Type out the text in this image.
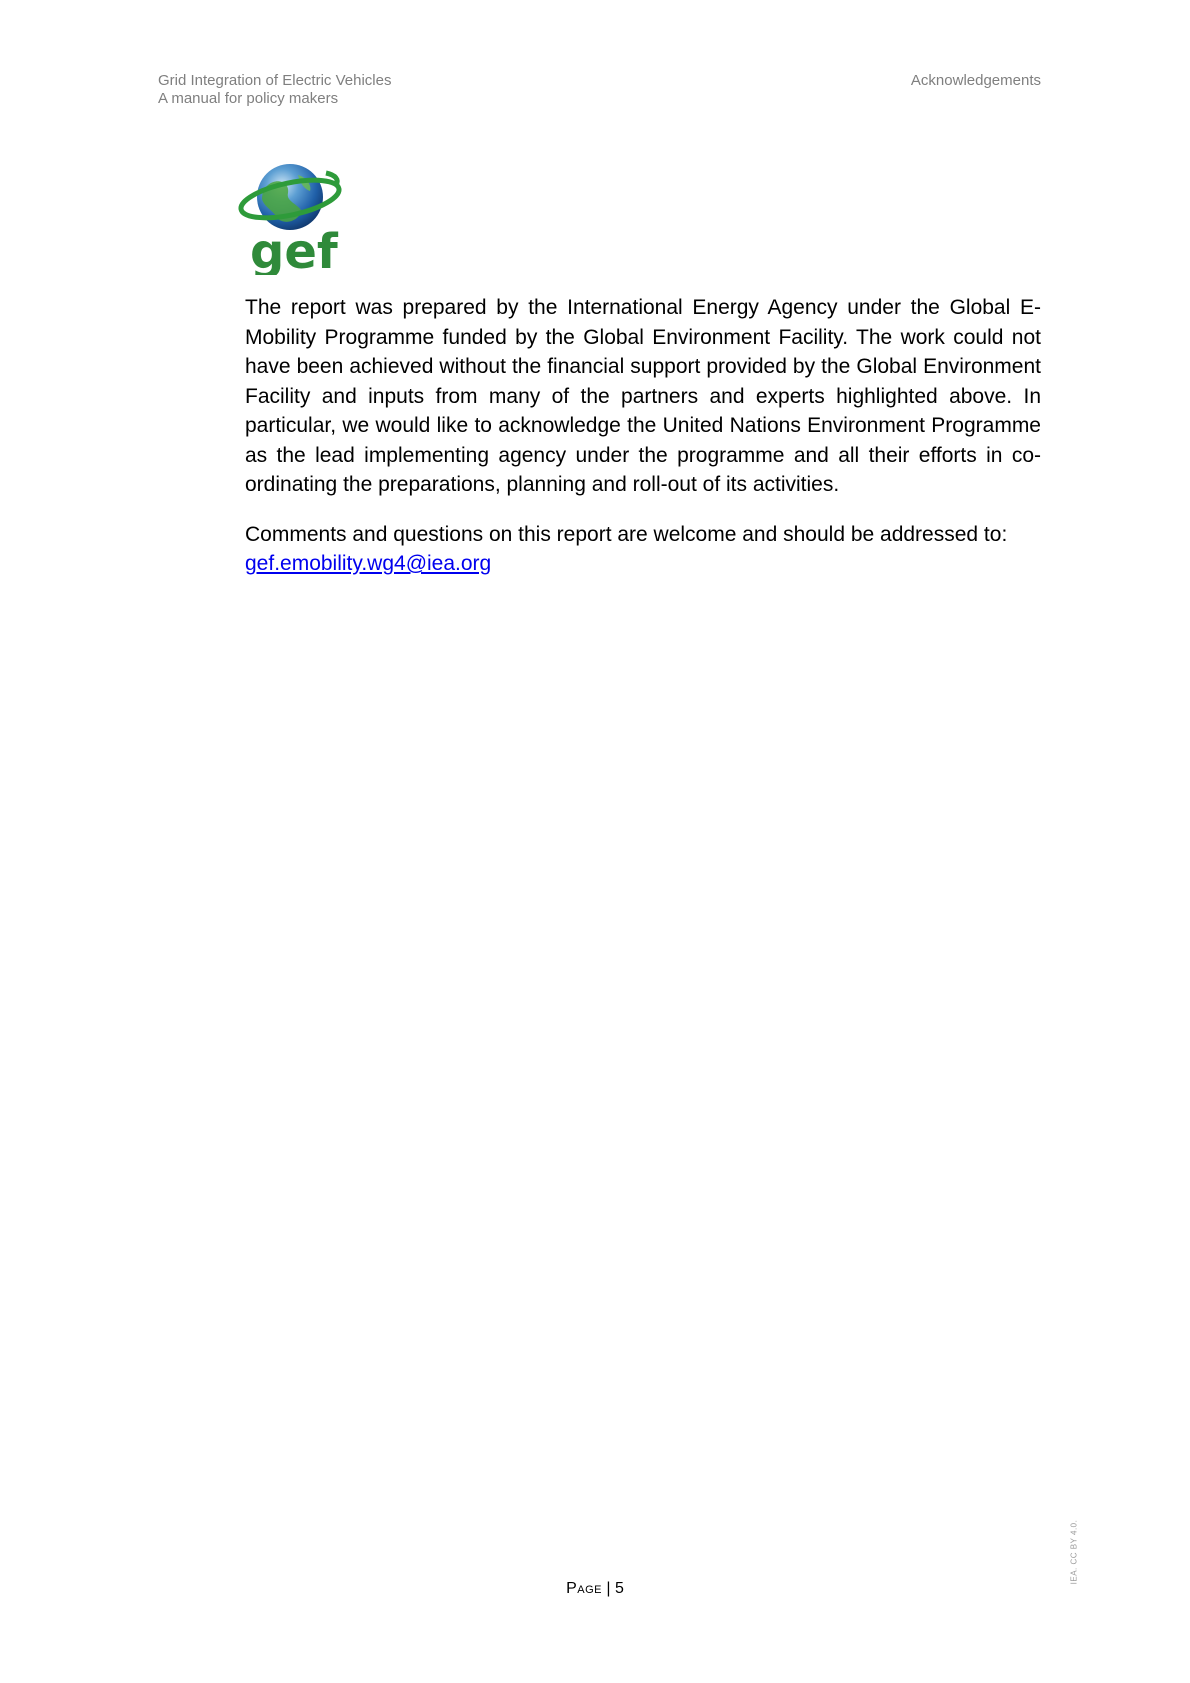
Grid Integration of Electric Vehicles
A manual for policy makers
Acknowledgements
gef

The report was prepared by the International Energy Agency under the Global E-Mobility Programme funded by the Global Environment Facility. The work could not have been achieved without the financial support provided by the Global Environment Facility and inputs from many of the partners and experts highlighted above. In particular, we would like to acknowledge the United Nations Environment Programme as the lead implementing agency under the programme and all their efforts in co-ordinating the preparations, planning and roll-out of its activities.

Comments and questions on this report are welcome and should be addressed to:
gef.emobility.wg4@iea.org

IEA. CC BY 4.0.
Page | 5
